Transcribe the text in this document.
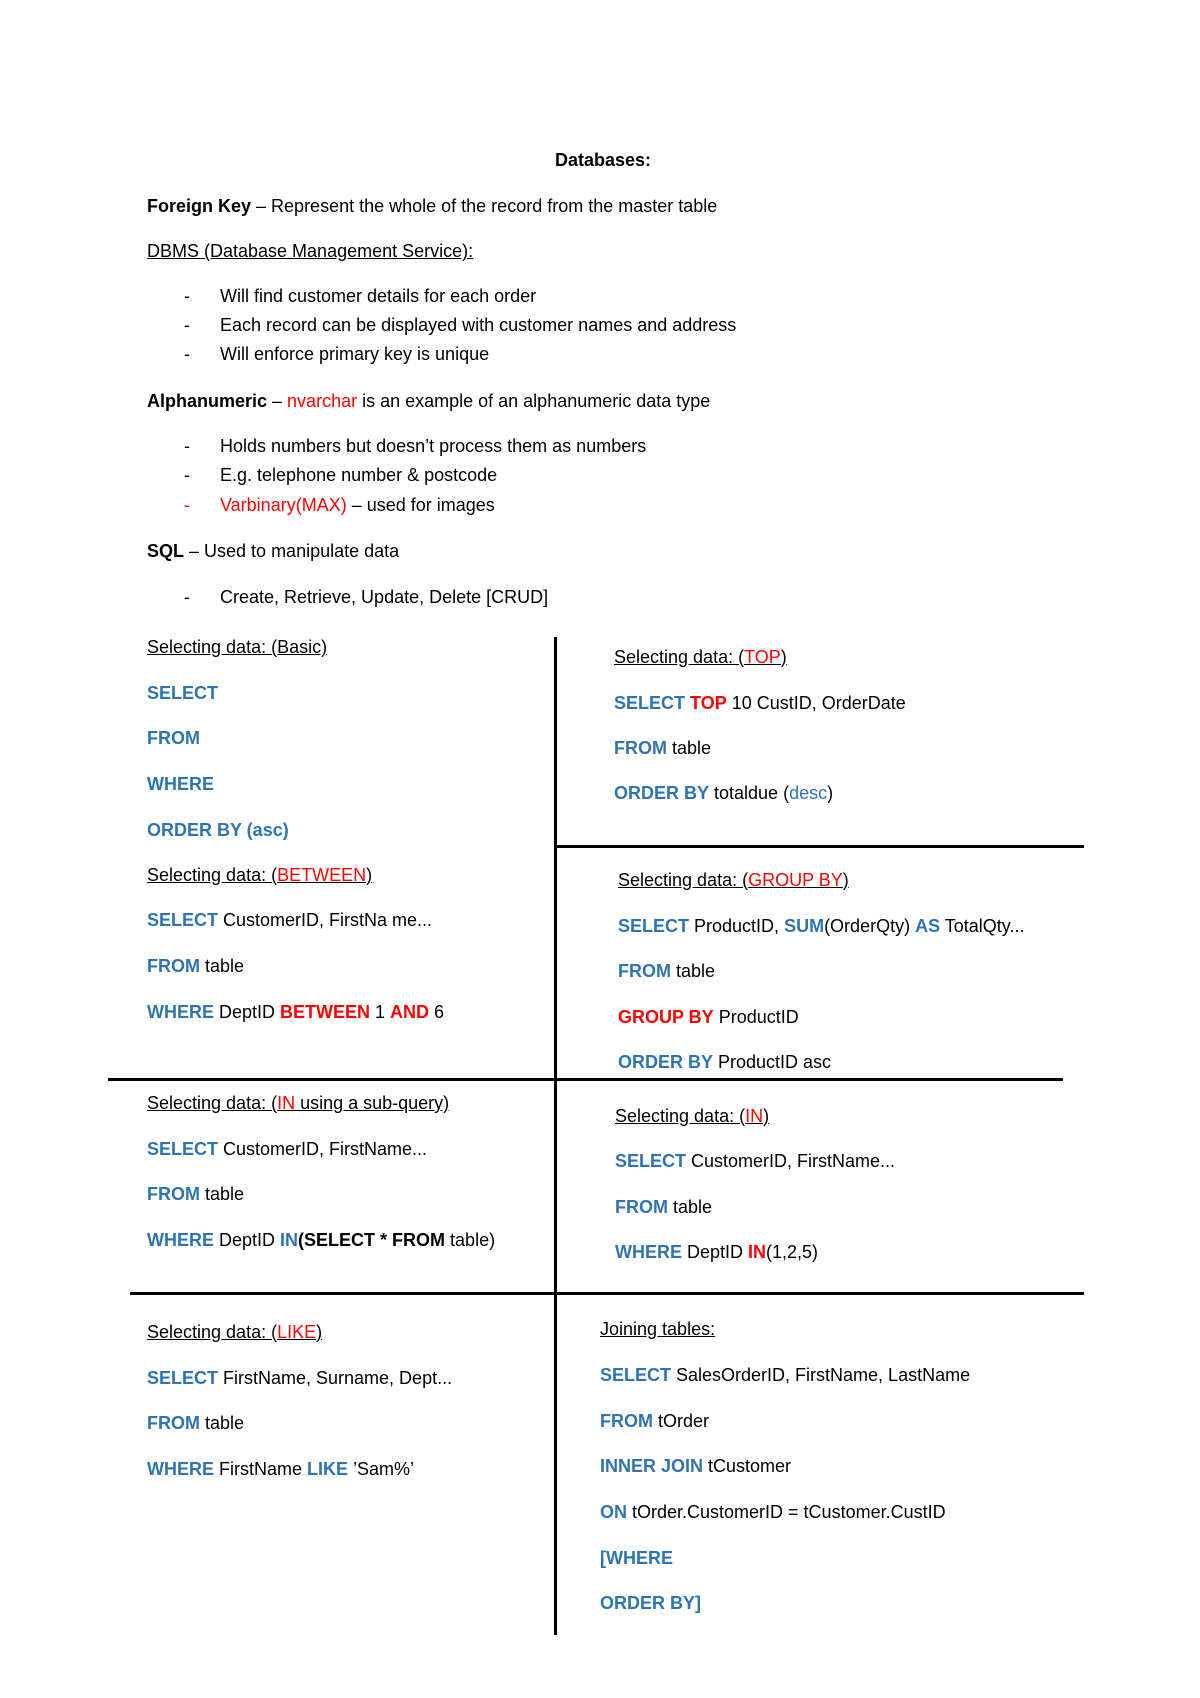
Databases:
Foreign Key – Represent the whole of the record from the master table
DBMS (Database Management Service):
- Will find customer details for each order
- Each record can be displayed with customer names and address
- Will enforce primary key is unique
Alphanumeric – nvarchar is an example of an alphanumeric data type
- Holds numbers but doesn’t process them as numbers
- E.g. telephone number & postcode
- Varbinary(MAX) – used for images
SQL – Used to manipulate data
- Create, Retrieve, Update, Delete [CRUD]
Selecting data: (Basic)
SELECT
FROM
WHERE
ORDER BY (asc)
Selecting data: (TOP)
SELECT TOP 10 CustID, OrderDate
FROM table
ORDER BY totaldue (desc)
Selecting data: (BETWEEN)
SELECT CustomerID, FirstNa me...
FROM table
WHERE DeptID BETWEEN 1 AND 6
Selecting data: (GROUP BY)
SELECT ProductID, SUM(OrderQty) AS TotalQty...
FROM table
GROUP BY ProductID
ORDER BY ProductID asc
Selecting data: (IN using a sub-query)
SELECT CustomerID, FirstName...
FROM table
WHERE DeptID IN(SELECT * FROM table)
Selecting data: (IN)
SELECT CustomerID, FirstName...
FROM table
WHERE DeptID IN(1,2,5)
Selecting data: (LIKE)
SELECT FirstName, Surname, Dept...
FROM table
WHERE FirstName LIKE ’Sam%’
Joining tables:
SELECT SalesOrderID, FirstName, LastName
FROM tOrder
INNER JOIN tCustomer
ON tOrder.CustomerID = tCustomer.CustID
[WHERE
ORDER BY]
